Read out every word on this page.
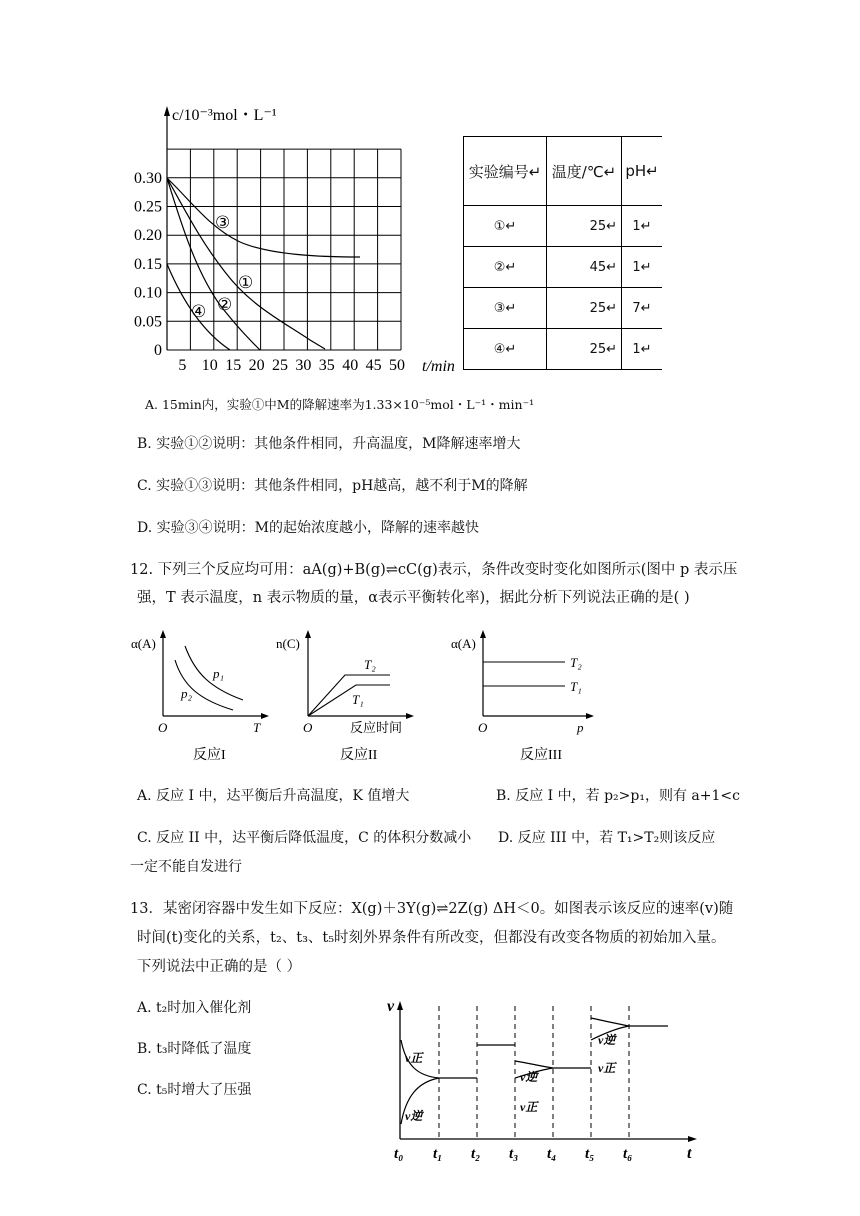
c/10⁻³mol・L⁻¹
0.30
0.25
0.20
0.15
0.10
0.05
0
5 10 15 20 25 30 35 40 45 50 t/min
③
①
②
④
实验编号↵	温度/℃↵	pH↵
①↵	25↵	1↵
②↵	45↵	1↵
③↵	25↵	7↵
④↵	25↵	1↵
A. 15min内，实验①中M的降解速率为1.33×10⁻⁵mol・L⁻¹・min⁻¹
B. 实验①②说明：其他条件相同，升高温度，M降解速率增大
C. 实验①③说明：其他条件相同，pH越高，越不利于M的降解
D. 实验③④说明：M的起始浓度越小，降解的速率越快
12. 下列三个反应均可用：aA(g)+B(g)⇌cC(g)表示，条件改变时变化如图所示(图中 p 表示压
强，T 表示温度，n 表示物质的量，α表示平衡转化率)，据此分析下列说法正确的是( )
α(A)
O	T
p₁
p₂
反应I
n(C)
O	反应时间
T₂
T₁
反应II
α(A)
O	p
T₂
T₁
反应III
A. 反应 I 中，达平衡后升高温度，K 值增大	B. 反应 I 中，若 p₂>p₁，则有 a+1<c
C. 反应 II 中，达平衡后降低温度，C 的体积分数减小 D. 反应 III 中，若 T₁>T₂则该反应
一定不能自发进行
13．某密闭容器中发生如下反应：X(g)＋3Y(g)⇌2Z(g) ΔH＜0。如图表示该反应的速率(v)随
时间(t)变化的关系，t₂、t₃、t₅时刻外界条件有所改变，但都没有改变各物质的初始加入量。
下列说法中正确的是（ ）
A. t₂时加入催化剂
B. t₃时降低了温度
C. t₅时增大了压强
v
t
v正
v逆
v逆
v正
v逆
v正
t₀ t₁ t₂ t₃ t₄ t₅ t₆
